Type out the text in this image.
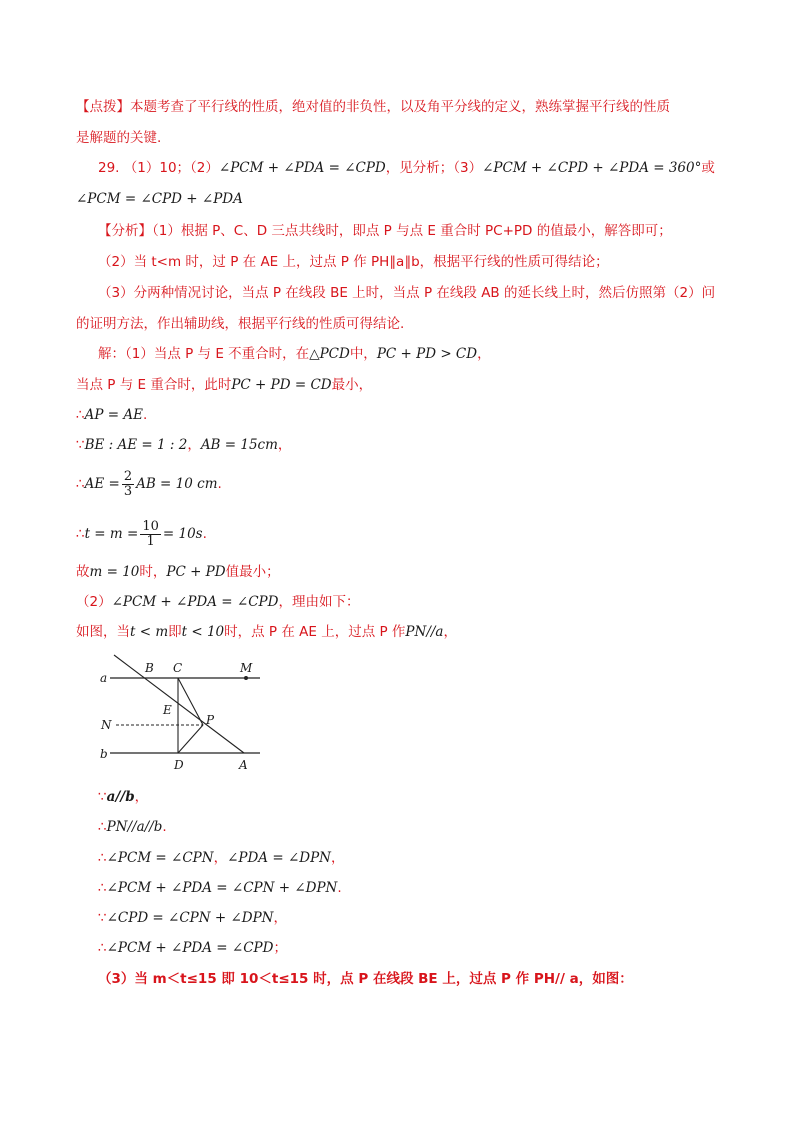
【点拨】本题考查了平行线的性质，绝对值的非负性，以及角平分线的定义，熟练掌握平行线的性质
是解题的关键.
29. （1）10；（2）∠PCM + ∠PDA = ∠CPD，见分析；（3）∠PCM + ∠CPD + ∠PDA = 360°或
∠PCM = ∠CPD + ∠PDA
【分析】（1）根据 P、C、D 三点共线时，即点 P 与点 E 重合时 PC+PD 的值最小，解答即可；
（2）当 t<m 时，过 P 在 AE 上，过点 P 作 PH∥a∥b，根据平行线的性质可得结论；
（3）分两种情况讨论，当点 P 在线段 BE 上时，当点 P 在线段 AB 的延长线上时，然后仿照第（2）问
的证明方法，作出辅助线，根据平行线的性质可得结论.
解：（1）当点 P 与 E 不重合时，在△PCD中，PC + PD > CD，
当点 P 与 E 重合时，此时PC + PD = CD最小，
∴AP = AE.
∵BE : AE = 1 : 2，AB = 15cm，
∴AE = $\frac{2}{3}$ AB = 10 cm.
∴t = $m = \frac{10}{1} = 10s$.
故m = 10时，PC + PD值最小；
（2）∠PCM + ∠PDA = ∠CPD，理由如下：
如图，当t < m即t < 10时，点 P 在 AE 上，过点 P 作PN//a，
a
b
B C	M
E
P
N
D	A
∵a//b，
∴PN//a//b.
∴∠PCM = ∠CPN，∠PDA = ∠DPN，
∴∠PCM + ∠PDA = ∠CPN + ∠DPN.
∵∠CPD = ∠CPN + ∠DPN，
∴∠PCM + ∠PDA = ∠CPD；
（3）当 m＜t≤15 即 10＜t≤15 时，点 P 在线段 BE 上，过点 P 作 PH// a，如图：
